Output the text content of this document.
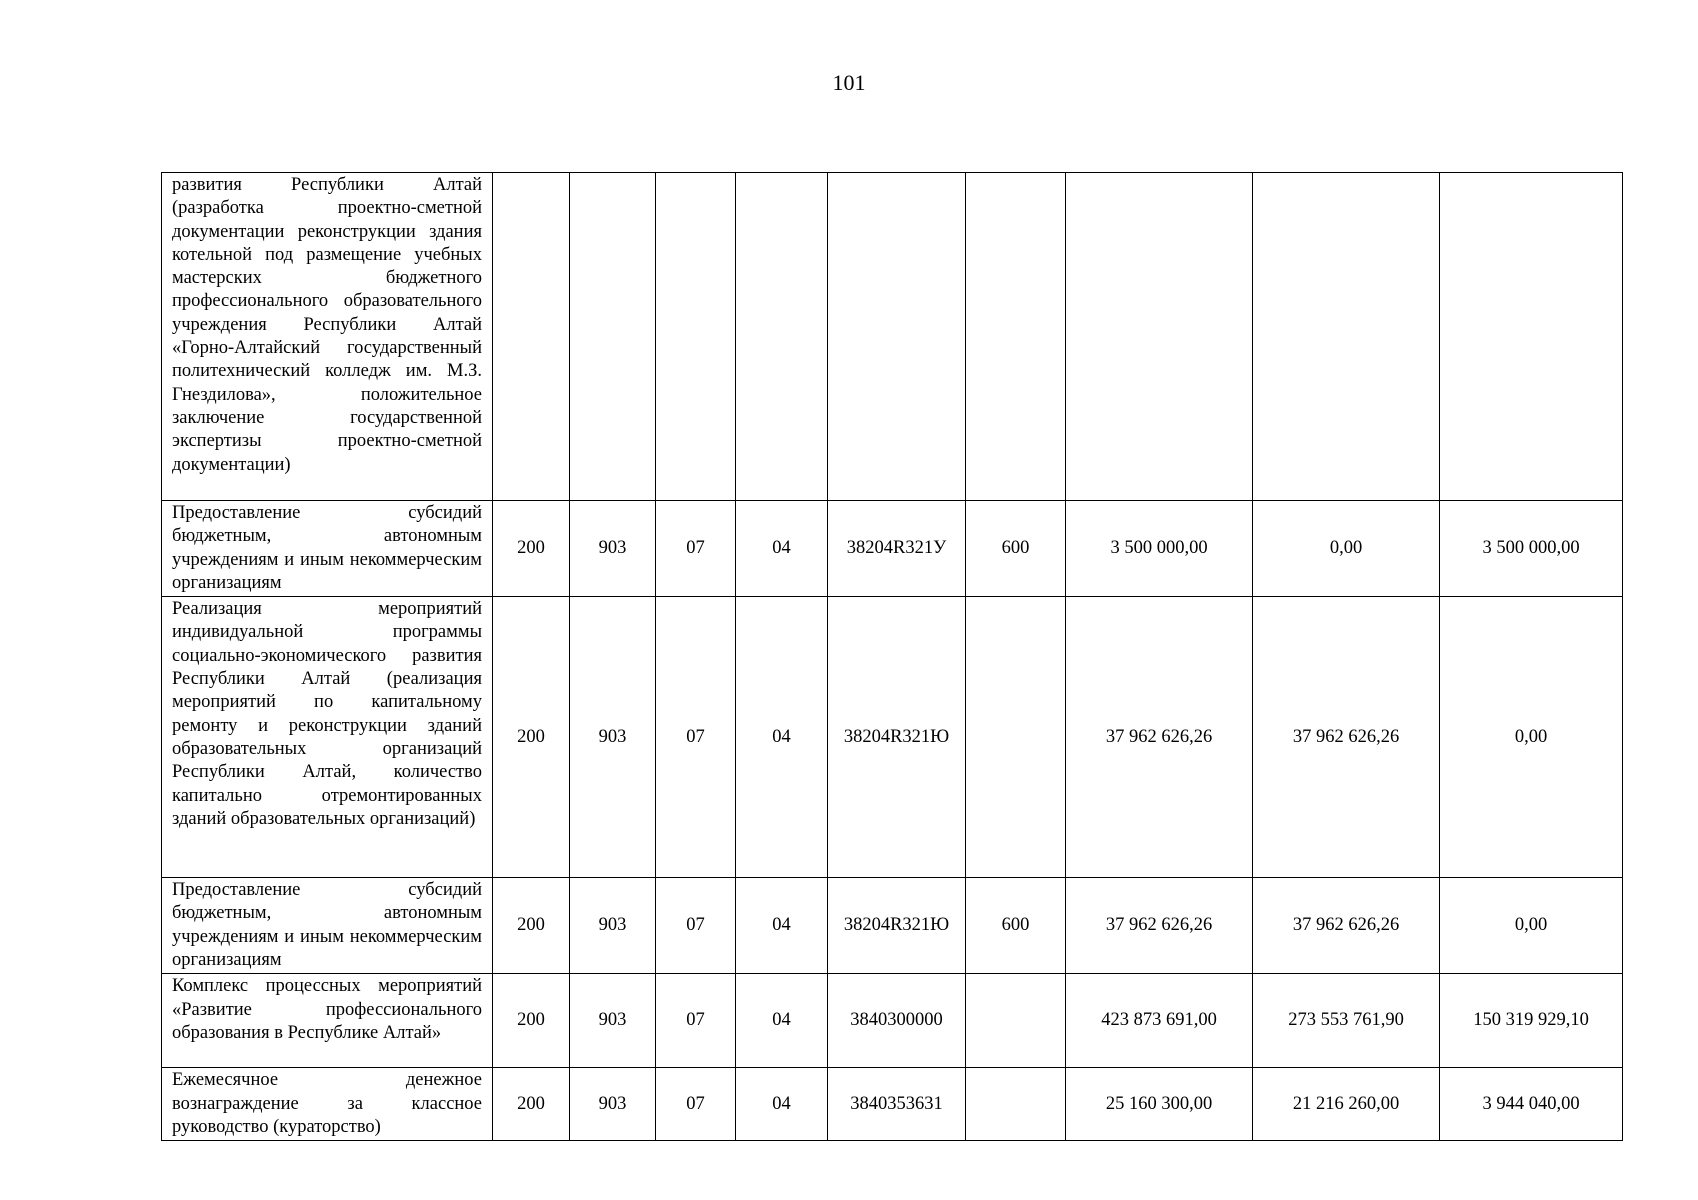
101
развития Республики Алтай (разработка проектно-сметной документации реконструкции здания котельной под размещение учебных мастерских бюджетного профессионального образовательного учреждения Республики Алтай «Горно-Алтайский государственный политехнический колледж им. М.З. Гнездилова», положительное заключение государственной экспертизы проектно-сметной документации)									
Предоставление субсидий бюджетным, автономным учреждениям и иным некоммерческим организациям	200	903	07	04	38204R321У	600	3 500 000,00	0,00	3 500 000,00
Реализация мероприятий индивидуальной программы социально-экономического развития Республики Алтай (реализация мероприятий по капитальному ремонту и реконструкции зданий образовательных организаций Республики Алтай, количество капитально отремонтированных зданий образовательных организаций)	200	903	07	04	38204R321Ю		37 962 626,26	37 962 626,26	0,00
Предоставление субсидий бюджетным, автономным учреждениям и иным некоммерческим организациям	200	903	07	04	38204R321Ю	600	37 962 626,26	37 962 626,26	0,00
Комплекс процессных мероприятий «Развитие профессионального образования в Республике Алтай»	200	903	07	04	3840300000		423 873 691,00	273 553 761,90	150 319 929,10
Ежемесячное денежное вознаграждение за классное руководство (кураторство)	200	903	07	04	3840353631		25 160 300,00	21 216 260,00	3 944 040,00
